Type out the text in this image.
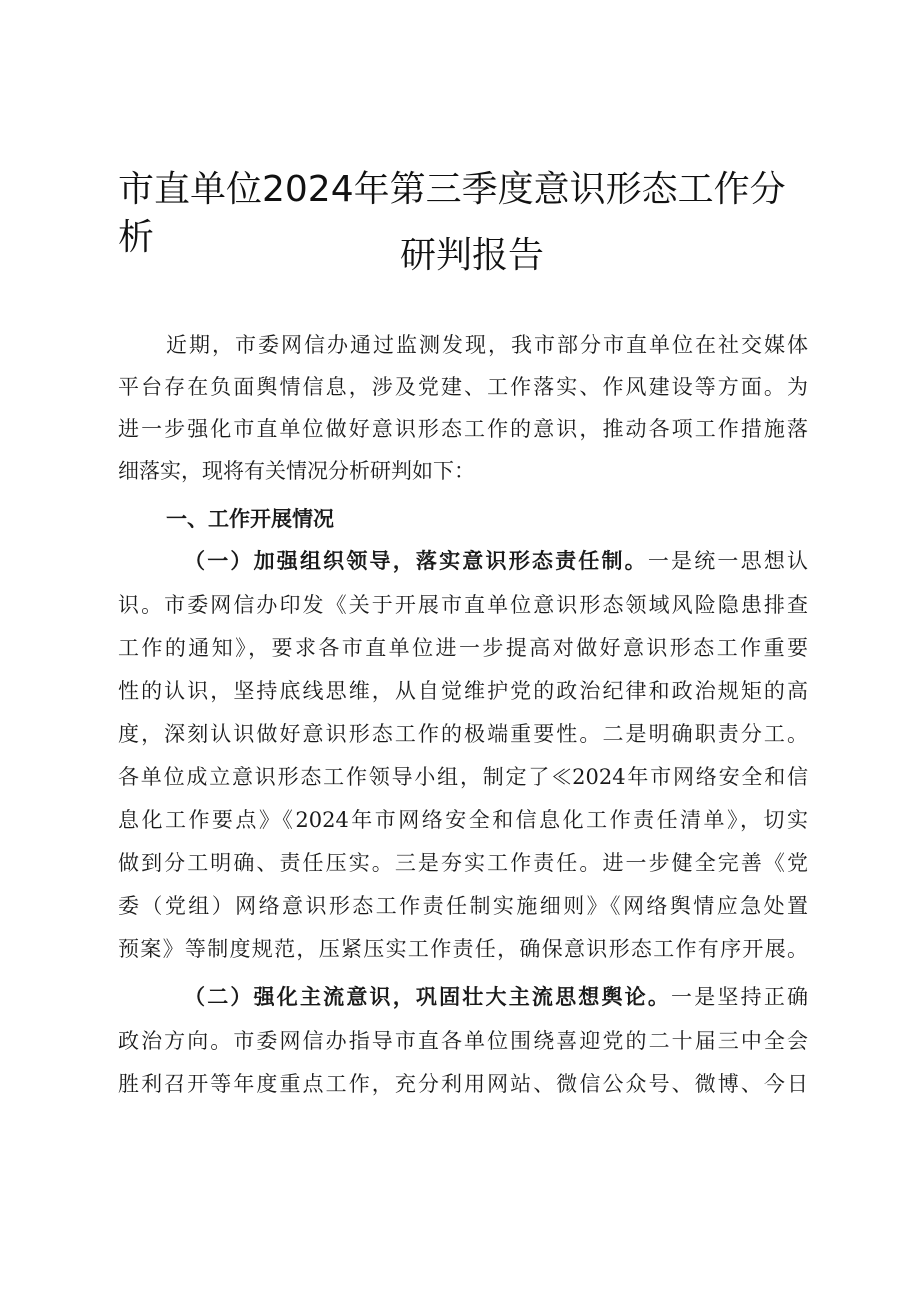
市直单位2024年第三季度意识形态工作分析	研判报告
近期，市委网信办通过监测发现，我市部分市直单位在社交媒体
平台存在负面舆情信息，涉及党建、工作落实、作风建设等方面。为
进一步强化市直单位做好意识形态工作的意识，推动各项工作措施落
细落实，现将有关情况分析研判如下：
一、工作开展情况
（一）加强组织领导，落实意识形态责任制。一是统一思想认
识。市委网信办印发《关于开展市直单位意识形态领域风险隐患排查
工作的通知》，要求各市直单位进一步提高对做好意识形态工作重要
性的认识，坚持底线思维，从自觉维护党的政治纪律和政治规矩的高
度，深刻认识做好意识形态工作的极端重要性。二是明确职责分工。
各单位成立意识形态工作领导小组，制定了≪2024年市网络安全和信
息化工作要点》《2024年市网络安全和信息化工作责任清单》，切实
做到分工明确、责任压实。三是夯实工作责任。进一步健全完善《党
委（党组）网络意识形态工作责任制实施细则》《网络舆情应急处置
预案》等制度规范，压紧压实工作责任，确保意识形态工作有序开展。
（二）强化主流意识，巩固壮大主流思想舆论。一是坚持正确
政治方向。市委网信办指导市直各单位围绕喜迎党的二十届三中全会
胜利召开等年度重点工作，充分利用网站、微信公众号、微博、今日
